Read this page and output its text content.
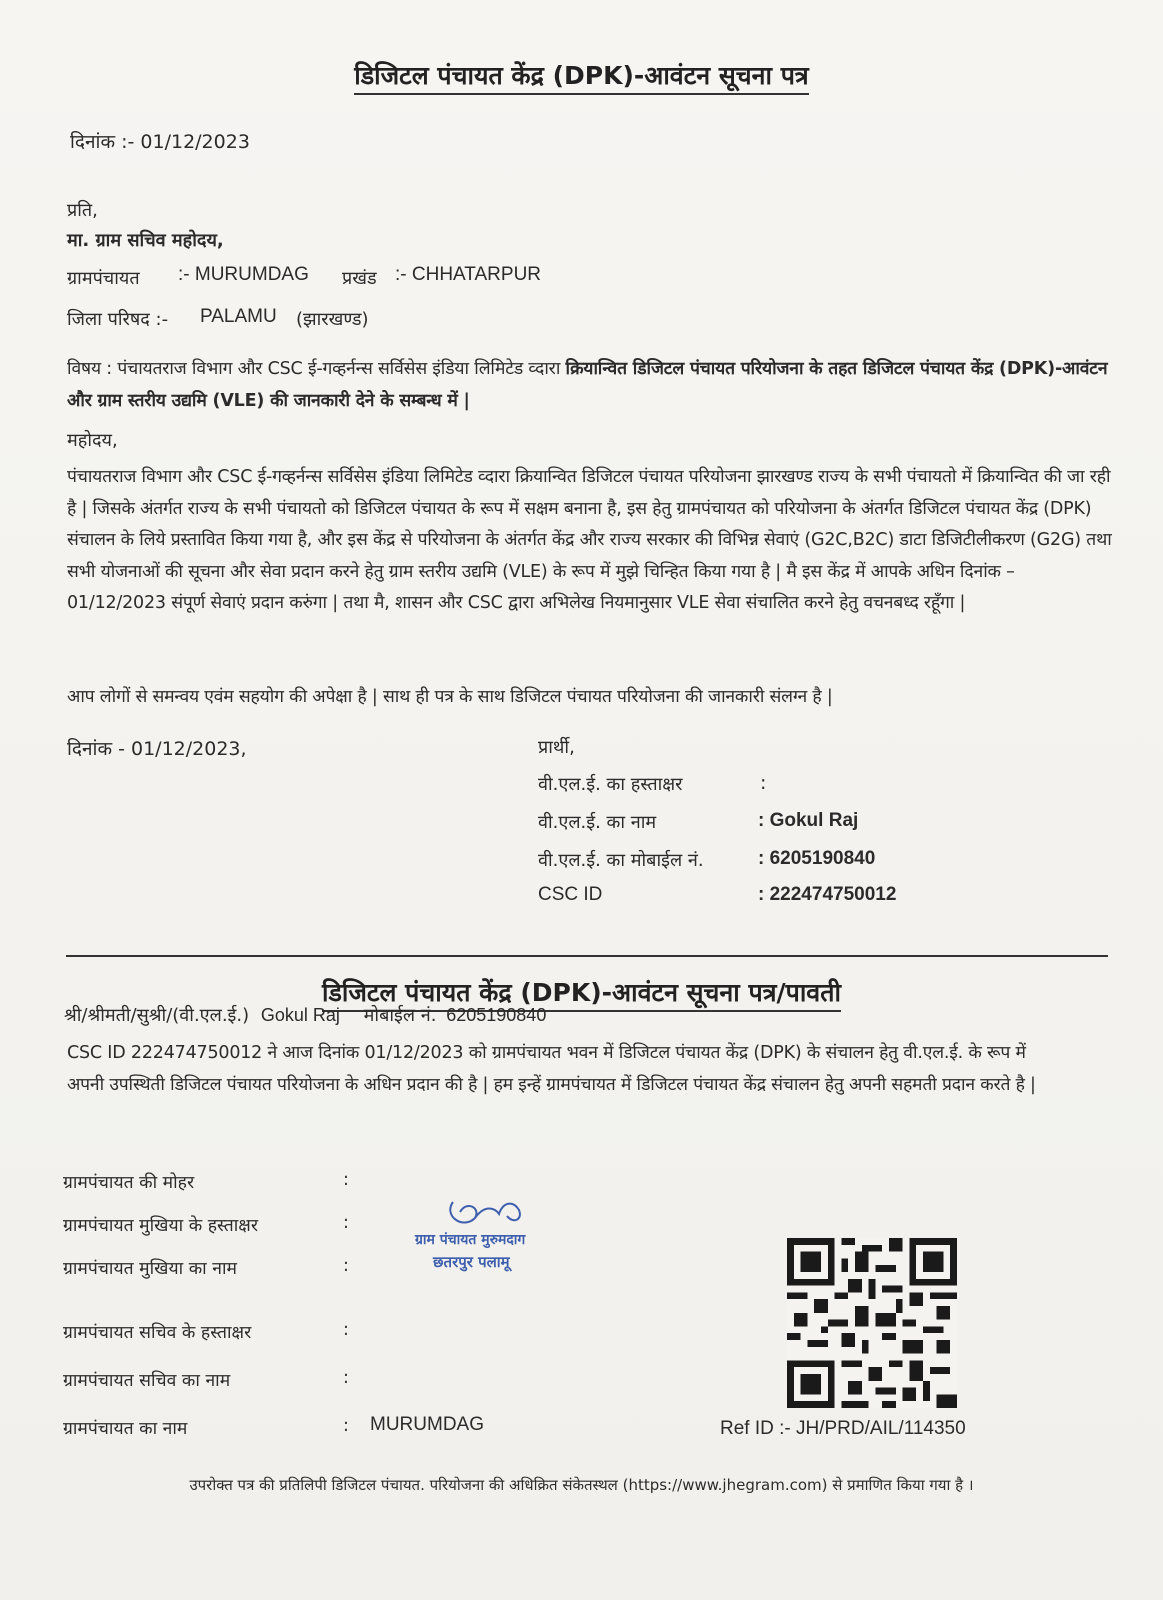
डिजिटल पंचायत केंद्र (DPK)-आवंटन सूचना पत्र
दिनांक :- 01/12/2023
प्रति,
मा. ग्राम सचिव महोदय,
ग्रामपंचायत :- MURUMDAG प्रखंड :- CHHATARPUR
जिला परिषद :- PALAMU (झारखण्ड)
विषय : पंचायतराज विभाग और CSC ई-गव्हर्नन्स सर्विसेस इंडिया लिमिटेड व्दारा क्रियान्वित डिजिटल पंचायत परियोजना के तहत डिजिटल पंचायत केंद्र (DPK)-आवंटन और ग्राम स्तरीय उद्यमि (VLE) की जानकारी देने के सम्बन्ध में |
महोदय,
पंचायतराज विभाग और CSC ई-गव्हर्नन्स सर्विसेस इंडिया लिमिटेड व्दारा क्रियान्वित डिजिटल पंचायत परियोजना झारखण्ड राज्य के सभी पंचायतो में क्रियान्वित की जा रही है | जिसके अंतर्गत राज्य के सभी पंचायतो को डिजिटल पंचायत के रूप में सक्षम बनाना है, इस हेतु ग्रामपंचायत को परियोजना के अंतर्गत डिजिटल पंचायत केंद्र (DPK) संचालन के लिये प्रस्तावित किया गया है, और इस केंद्र से परियोजना के अंतर्गत केंद्र और राज्य सरकार की विभिन्न सेवाएं (G2C,B2C) डाटा डिजिटीलीकरण (G2G) तथा सभी योजनाओं की सूचना और सेवा प्रदान करने हेतु ग्राम स्तरीय उद्यमि (VLE) के रूप में मुझे चिन्हित किया गया है | मै इस केंद्र में आपके अधिन दिनांक – 01/12/2023 संपूर्ण सेवाएं प्रदान करुंगा | तथा मै, शासन और CSC द्वारा अभिलेख नियमानुसार VLE सेवा संचालित करने हेतु वचनबध्द रहूँगा |
आप लोगों से समन्वय एवंम सहयोग की अपेक्षा है | साथ ही पत्र के साथ डिजिटल पंचायत परियोजना की जानकारी संलग्न है |
दिनांक - 01/12/2023,	प्रार्थी,
वी.एल.ई. का हस्ताक्षर	:
वी.एल.ई. का नाम	: Gokul Raj
वी.एल.ई. का मोबाईल नं.	: 6205190840
CSC ID	: 222474750012
डिजिटल पंचायत केंद्र (DPK)-आवंटन सूचना पत्र/पावती
श्री/श्रीमती/सुश्री/(वी.एल.ई.) Gokul Raj मोबाईल नं. 6205190840
CSC ID 222474750012 ने आज दिनांक 01/12/2023 को ग्रामपंचायत भवन में डिजिटल पंचायत केंद्र (DPK) के संचालन हेतु वी.एल.ई. के रूप में अपनी उपस्थिती डिजिटल पंचायत परियोजना के अधिन प्रदान की है | हम इन्हें ग्रामपंचायत में डिजिटल पंचायत केंद्र संचालन हेतु अपनी सहमती प्रदान करते है |
ग्रामपंचायत की मोहर	:
ग्रामपंचायत मुखिया के हस्ताक्षर	:
ग्रामपंचायत मुखिया का नाम	:
ग्रामपंचायत सचिव के हस्ताक्षर	:
ग्रामपंचायत सचिव का नाम	:
ग्रामपंचायत का नाम	: MURUMDAG
ग्राम पंचायत मुरुमदाग
छतरपुर पलामू
Ref ID :- JH/PRD/AIL/114350
उपरोक्त पत्र की प्रतिलिपी डिजिटल पंचायत. परियोजना की अधिक्रित संकेतस्थल (https://www.jhegram.com) से प्रमाणित किया गया है ।
